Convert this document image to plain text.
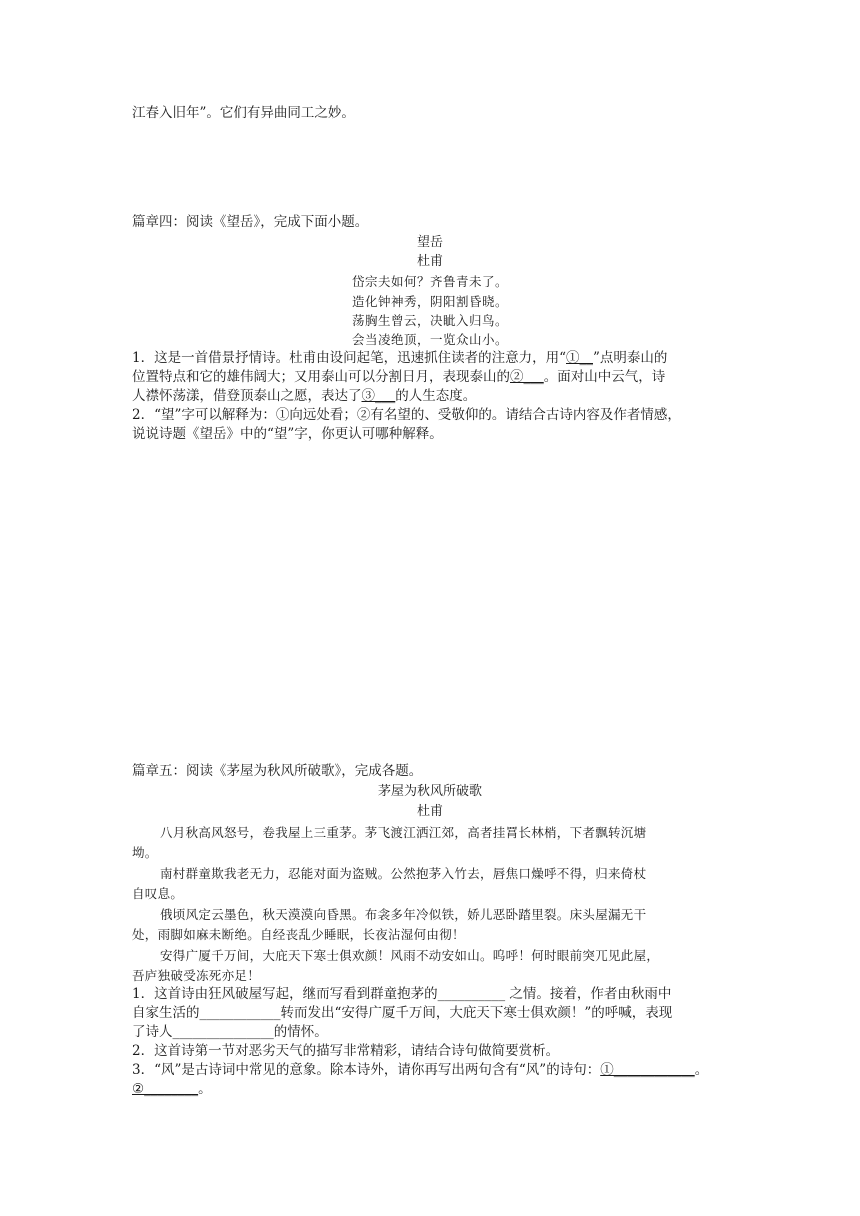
江春入旧年”。它们有异曲同工之妙。
篇章四：阅读《望岳》，完成下面小题。
望岳
杜甫
岱宗夫如何？齐鲁青未了。
造化钟神秀，阴阳割昏晓。
荡胸生曾云，决眦入归鸟。
会当凌绝顶，一览众山小。
1．这是一首借景抒情诗。杜甫由设问起笔，迅速抓住读者的注意力，用“①__”点明泰山的
位置特点和它的雄伟阔大；又用泰山可以分割日月，表现泰山的②___。面对山中云气，诗
人襟怀荡漾，借登顶泰山之愿，表达了③___的人生态度。
2．“望”字可以解释为：①向远处看；②有名望的、受敬仰的。请结合古诗内容及作者情感，
说说诗题《望岳》中的“望”字，你更认可哪种解释。
篇章五：阅读《茅屋为秋风所破歌》，完成各题。
茅屋为秋风所破歌
杜甫
八月秋高风怒号，卷我屋上三重茅。茅飞渡江洒江郊，高者挂罥长林梢，下者飘转沉塘
坳。
南村群童欺我老无力，忍能对面为盗贼。公然抱茅入竹去，唇焦口燥呼不得，归来倚杖
自叹息。
俄顷风定云墨色，秋天漠漠向昏黑。布衾多年冷似铁，娇儿恶卧踏里裂。床头屋漏无干
处，雨脚如麻未断绝。自经丧乱少睡眠，长夜沾湿何由彻！
安得广厦千万间，大庇天下寒士俱欢颜！风雨不动安如山。呜呼！何时眼前突兀见此屋，
吾庐独破受冻死亦足！
1．这首诗由狂风破屋写起，继而写看到群童抱茅的__________ 之情。接着，作者由秋雨中
自家生活的____________转而发出“安得广厦千万间，大庇天下寒士俱欢颜！”的呼喊，表现
了诗人_______________的情怀。
2．这首诗第一节对恶劣天气的描写非常精彩，请结合诗句做简要赏析。
3．“风”是古诗词中常见的意象。除本诗外，请你再写出两句含有“风”的诗句：①____________。
②________。
